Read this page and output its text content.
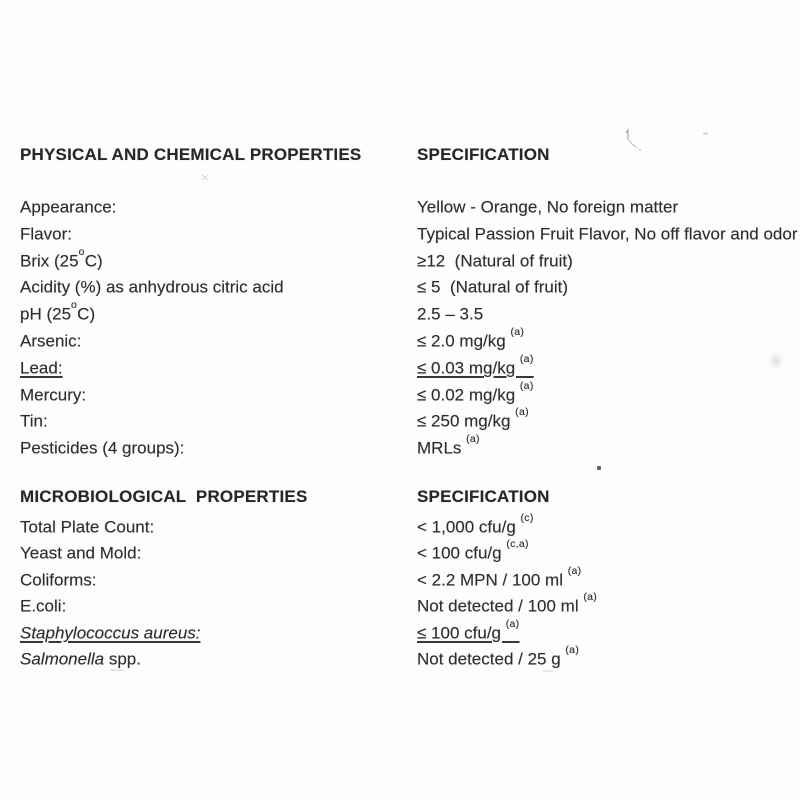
PHYSICAL AND CHEMICAL PROPERTIES	SPECIFICATION
Appearance:	Yellow - Orange, No foreign matter
Flavor:	Typical Passion Fruit Flavor, No off flavor and odor
Brix $(25^oC)$	≥12  (Natural of fruit)
Acidity (%) as anhydrous citric acid	≤ 5  (Natural of fruit)
pH (25$^o$C)	2.5 – 3.5
Arsenic:	≤ 2.0 mg/kg $^{(a)}$
Lead:	≤ 0.03 mg/kg $^{(a)}$
Mercury:	≤ 0.02 mg/kg $^{(a)}$
Tin:	≤ 250 mg/kg $^{(a)}$
Pesticides (4 groups):	MRLs $^{(a)}$
MICROBIOLOGICAL  PROPERTIES	SPECIFICATION
Total Plate Count:	< 1,000 cfu/g $^{(c)}$
Yeast and Mold:	< 100 cfu/g $^{(c,a)}$
Coliforms:	< 2.2 MPN / 100 ml $^{(a)}$
E.coli:	Not detected / 100 ml $^{(a)}$
Staphylococcus aureus:	≤ 100 cfu/g $^{(a)}$
Salmonella spp.	Not detected / 25 g $^{(a)}$
